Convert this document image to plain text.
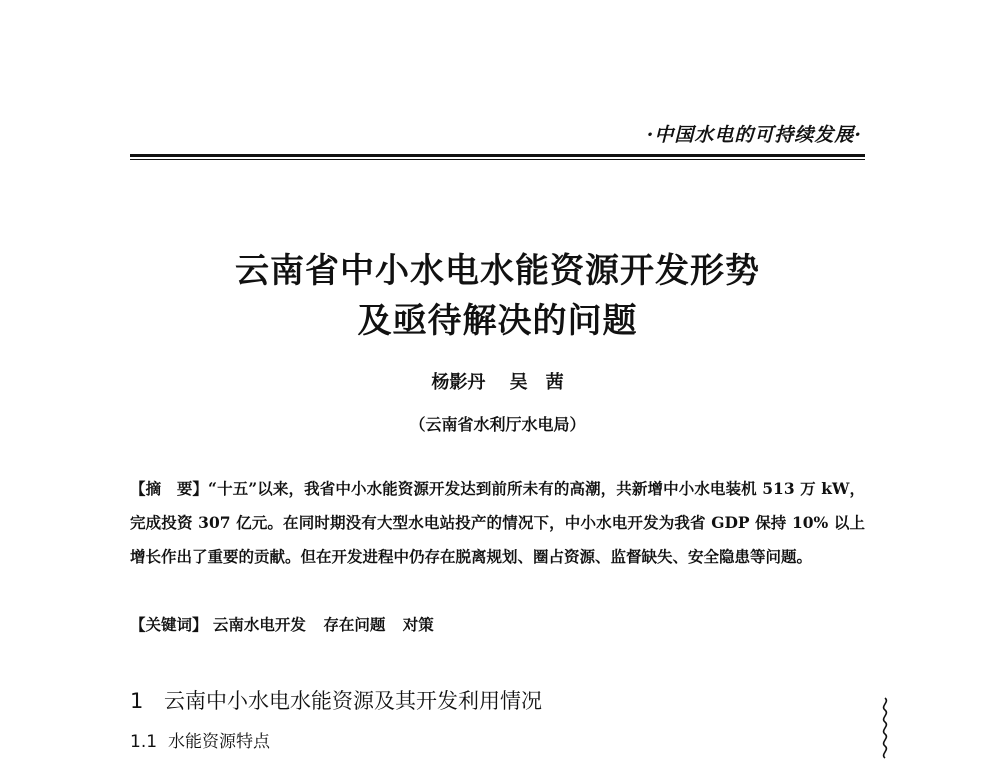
·中国水电的可持续发展·
云南省中小水电水能资源开发形势
及亟待解决的问题
杨影丹 吴　茜
（云南省水利厅水电局）
【摘　要】“十五”以来，我省中小水能资源开发达到前所未有的高潮，共新增中小水电装机 513 万 kW，完成投资 307 亿元。在同时期没有大型水电站投产的情况下，中小水电开发为我省 GDP 保持 10% 以上增长作出了重要的贡献。但在开发进程中仍存在脱离规划、圈占资源、监督缺失、安全隐患等问题。
【关键词】 云南水电开发 存在问题 对策
1 云南中小水电水能资源及其开发利用情况
1.1 水能资源特点
